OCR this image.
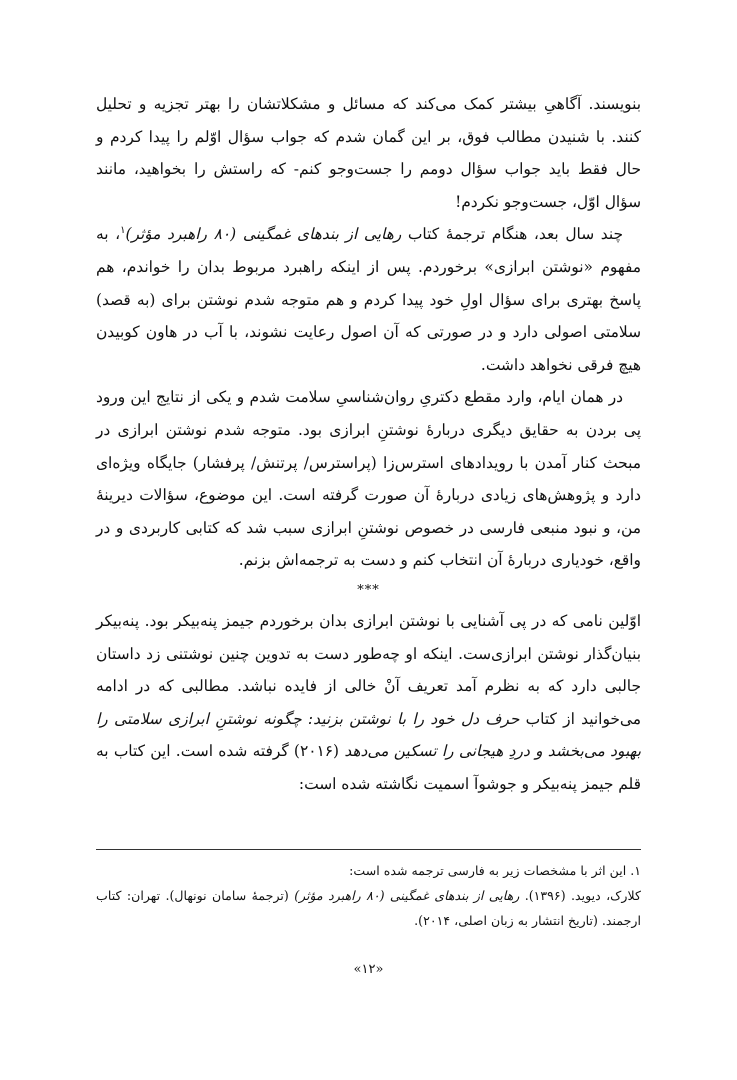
بنویسند. آگاهیِ بیشتر کمک می‌کند که مسائل و مشکلاتشان را بهتر تجزیه و تحلیل کنند. با شنیدن مطالب فوق، بر این گمان شدم که جواب سؤال اوّلم را پیدا کردم و حال فقط باید جواب سؤال دومم را جست‌وجو کنم- که راستش را بخواهید، مانند سؤال اوّل، جست‌وجو نکردم!

چند سال بعد، هنگام ترجمهٔ کتاب رهایی از بندهای غمگینی (۸۰ راهبرد مؤثر)$^۱$، به مفهوم «نوشتن ابرازی» برخوردم. پس از اینکه راهبرد مربوط بدان را خواندم، هم پاسخ بهتری برای سؤال اولِ خود پیدا کردم و هم متوجه شدم نوشتن برای (به قصد) سلامتی اصولی دارد و در صورتی که آن اصول رعایت نشوند، با آب در هاون کوبیدن هیچ فرقی نخواهد داشت.

در همان ایام، وارد مقطع دکتریِ روان‌شناسیِ سلامت شدم و یکی از نتایج این ورود پی بردن به حقایق دیگری دربارهٔ نوشتنِ ابرازی بود. متوجه شدم نوشتن ابرازی در مبحث کنار آمدن با رویدادهای استرس‌زا (پراسترس/ پرتنش/ پرفشار) جایگاه ویژه‌ای دارد و پژوهش‌های زیادی دربارهٔ آن صورت گرفته است. این موضوع، سؤالات دیرینهٔ من، و نبود منبعی فارسی در خصوص نوشتنِ ابرازی سبب شد که کتابی کاربردی و در واقع، خودیاری دربارهٔ آن انتخاب کنم و دست به ترجمه‌اش بزنم.

***

اوّلین نامی که در پی آشنایی با نوشتن ابرازی بدان برخوردم جیمز پنه‌بیکر بود. پنه‌بیکر بنیان‌گذار نوشتن ابرازی‌ست. اینکه او چه‌طور دست به تدوین چنین نوشتنی زد داستان جالبی دارد که به نظرم آمد تعریف آنْ خالی از فایده نباشد. مطالبی که در ادامه می‌خوانید از کتاب حرف دل خود را با نوشتن بزنید: چگونه نوشتنِ ابرازی سلامتی را بهبود می‌بخشد و دردِ هیجانی را تسکین می‌دهد (۲۰۱۶) گرفته شده است. این کتاب به قلم جیمز پنه‌بیکر و جوشوآ اسمیت نگاشته شده است:

۱. این اثر با مشخصات زیر به فارسی ترجمه شده است:

کلارک، دیوید. (۱۳۹۶). رهایی از بندهای غمگینی (۸۰ راهبرد مؤثر) (ترجمهٔ سامان نونهال). تهران: کتاب ارجمند. (تاریخ انتشار به زبان اصلی، ۲۰۱۴).

«۱۲»
